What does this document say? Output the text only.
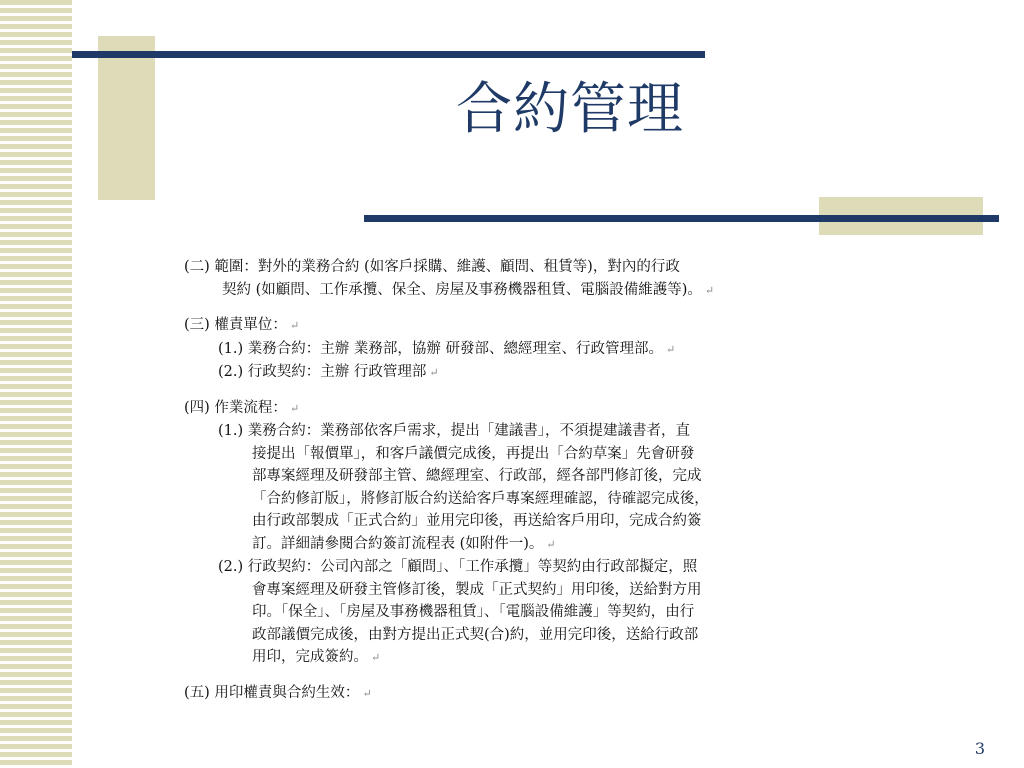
合約管理
(二) 範圍：對外的業務合約 (如客戶採購、維護、顧問、租賃等)，對內的行政
契約 (如顧問、工作承攬、保全、房屋及事務機器租賃、電腦設備維護等)。 ↵
(三) 權責單位： ↵
(1.) 業務合約：主辦 業務部，協辦 研發部、總經理室、行政管理部。 ↵
(2.) 行政契約：主辦 行政管理部 ↵
(四) 作業流程： ↵
(1.) 業務合約：業務部依客戶需求，提出「建議書」，不須提建議書者，直
接提出「報價單」，和客戶議價完成後，再提出「合約草案」先會研發
部專案經理及研發部主管、總經理室、行政部，經各部門修訂後，完成
「合約修訂版」，將修訂版合約送給客戶專案經理確認，待確認完成後，
由行政部製成「正式合約」並用完印後，再送給客戶用印，完成合約簽
訂。詳細請參閱合約簽訂流程表 (如附件一)。 ↵
(2.) 行政契約：公司內部之「顧問」、「工作承攬」等契約由行政部擬定，照
會專案經理及研發主管修訂後，製成「正式契約」用印後，送給對方用
印。「保全」、「房屋及事務機器租賃」、「電腦設備維護」等契約，由行
政部議價完成後，由對方提出正式契(合)約，並用完印後，送給行政部
用印，完成簽約。 ↵
(五) 用印權責與合約生效： ↵
3
